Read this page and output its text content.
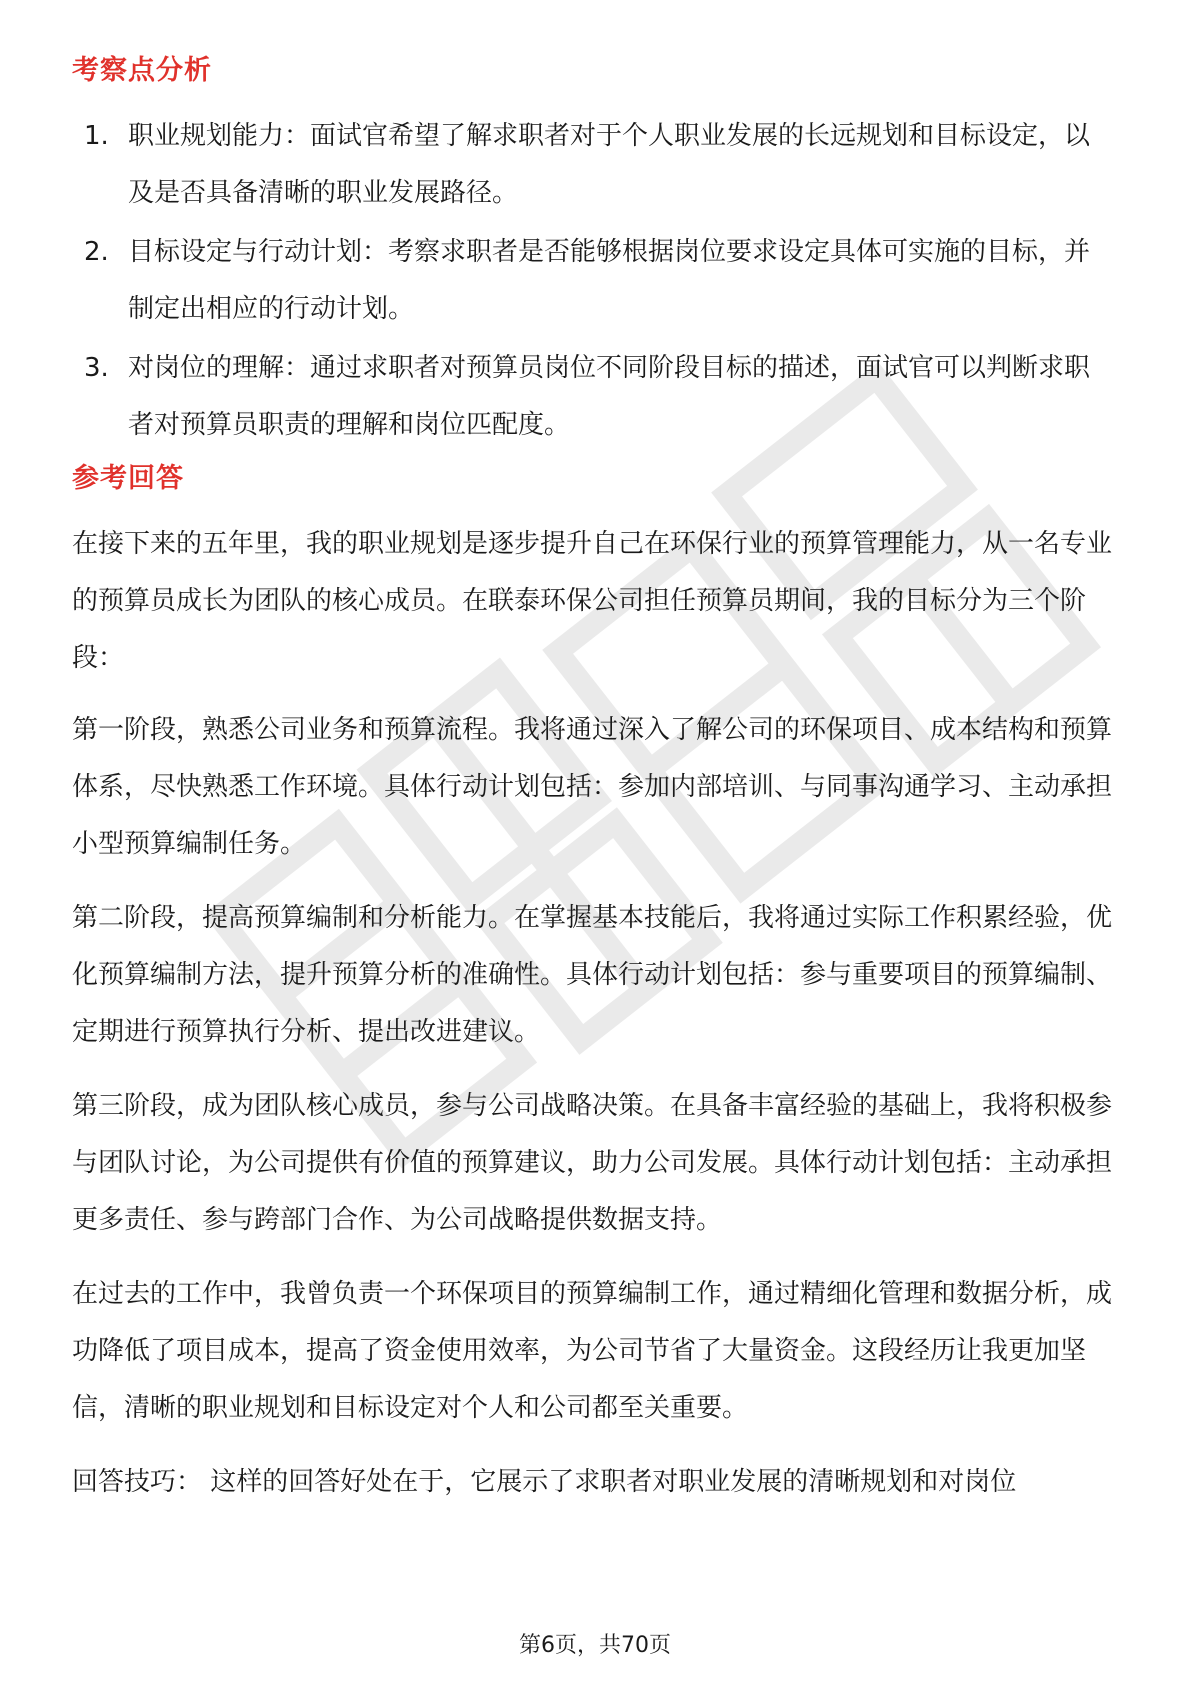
考察点分析
1. 职业规划能力：面试官希望了解求职者对于个人职业发展的长远规划和目标设定，以及是否具备清晰的职业发展路径。
2. 目标设定与行动计划：考察求职者是否能够根据岗位要求设定具体可实施的目标，并制定出相应的行动计划。
3. 对岗位的理解：通过求职者对预算员岗位不同阶段目标的描述，面试官可以判断求职者对预算员职责的理解和岗位匹配度。
参考回答

在接下来的五年里，我的职业规划是逐步提升自己在环保行业的预算管理能力，从一名专业的预算员成长为团队的核心成员。在联泰环保公司担任预算员期间，我的目标分为三个阶段：

第一阶段，熟悉公司业务和预算流程。我将通过深入了解公司的环保项目、成本结构和预算体系，尽快熟悉工作环境。具体行动计划包括：参加内部培训、与同事沟通学习、主动承担小型预算编制任务。

第二阶段，提高预算编制和分析能力。在掌握基本技能后，我将通过实际工作积累经验，优化预算编制方法，提升预算分析的准确性。具体行动计划包括：参与重要项目的预算编制、定期进行预算执行分析、提出改进建议。

第三阶段，成为团队核心成员，参与公司战略决策。在具备丰富经验的基础上，我将积极参与团队讨论，为公司提供有价值的预算建议，助力公司发展。具体行动计划包括：主动承担更多责任、参与跨部门合作、为公司战略提供数据支持。

在过去的工作中，我曾负责一个环保项目的预算编制工作，通过精细化管理和数据分析，成功降低了项目成本，提高了资金使用效率，为公司节省了大量资金。这段经历让我更加坚信，清晰的职业规划和目标设定对个人和公司都至关重要。

回答技巧： 这样的回答好处在于，它展示了求职者对职业发展的清晰规划和对岗位

第6页，共70页
